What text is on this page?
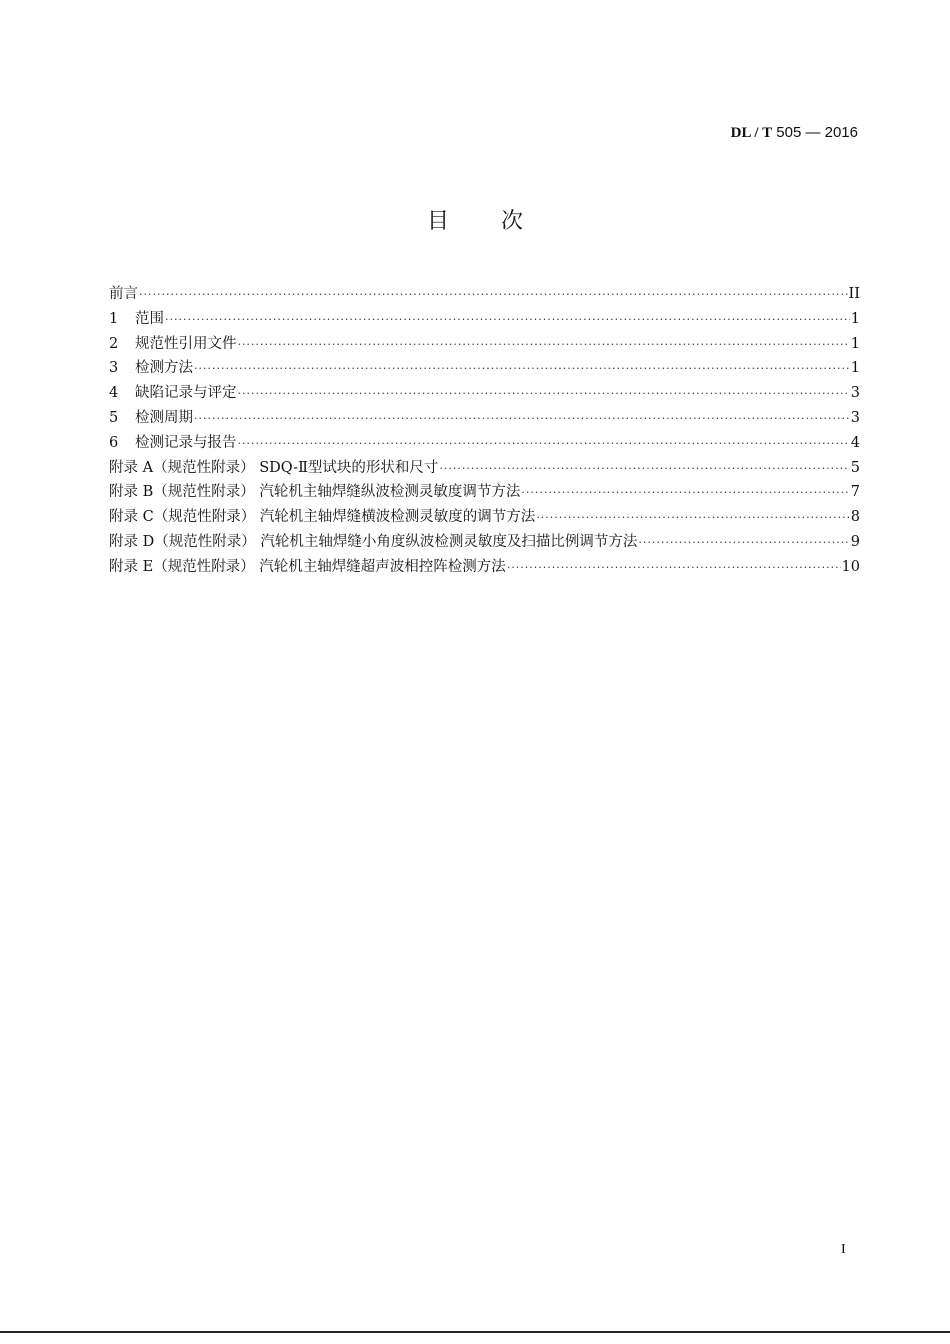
DL / T 505 — 2016
目次
前言 ·····	II
1	范围 ·····	1
2	规范性引用文件 ·····	1
3	检测方法 ·····	1
4	缺陷记录与评定 ·····	3
5	检测周期 ·····	3
6	检测记录与报告 ·····	4
附录 A（规范性附录） SDQ-Ⅱ型试块的形状和尺寸 ·····	5
附录 B（规范性附录） 汽轮机主轴焊缝纵波检测灵敏度调节方法 ·····	7
附录 C（规范性附录） 汽轮机主轴焊缝横波检测灵敏度的调节方法 ·····	8
附录 D（规范性附录） 汽轮机主轴焊缝小角度纵波检测灵敏度及扫描比例调节方法 ·····	9
附录 E（规范性附录） 汽轮机主轴焊缝超声波相控阵检测方法 ·····	10
I
